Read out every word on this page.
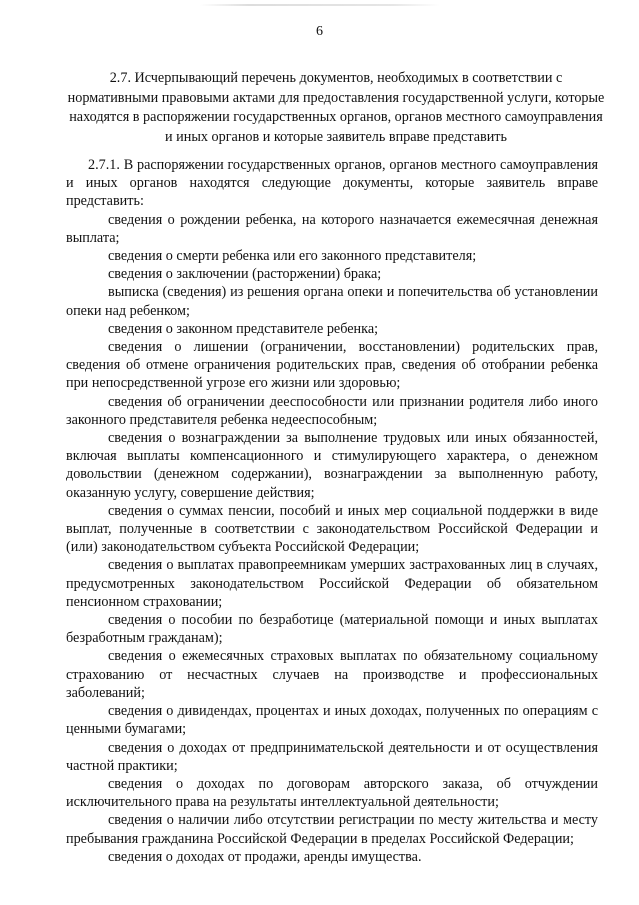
6
2.7. Исчерпывающий перечень документов, необходимых в соответствии с нормативными правовыми актами для предоставления государственной услуги, которые находятся в распоряжении государственных органов, органов местного самоуправления и иных органов и которые заявитель вправе представить

2.7.1. В распоряжении государственных органов, органов местного самоуправления и иных органов находятся следующие документы, которые заявитель вправе представить:

сведения о рождении ребенка, на которого назначается ежемесячная денежная выплата;

сведения о смерти ребенка или его законного представителя;

сведения о заключении (расторжении) брака;

выписка (сведения) из решения органа опеки и попечительства об установлении опеки над ребенком;

сведения о законном представителе ребенка;

сведения о лишении (ограничении, восстановлении) родительских прав, сведения об отмене ограничения родительских прав, сведения об отобрании ребенка при непосредственной угрозе его жизни или здоровью;

сведения об ограничении дееспособности или признании родителя либо иного законного представителя ребенка недееспособным;

сведения о вознаграждении за выполнение трудовых или иных обязанностей, включая выплаты компенсационного и стимулирующего характера, о денежном довольствии (денежном содержании), вознаграждении за выполненную работу, оказанную услугу, совершение действия;

сведения о суммах пенсии, пособий и иных мер социальной поддержки в виде выплат, полученные в соответствии с законодательством Российской Федерации и (или) законодательством субъекта Российской Федерации;

сведения о выплатах правопреемникам умерших застрахованных лиц в случаях, предусмотренных законодательством Российской Федерации об обязательном пенсионном страховании;

сведения о пособии по безработице (материальной помощи и иных выплатах безработным гражданам);

сведения о ежемесячных страховых выплатах по обязательному социальному страхованию от несчастных случаев на производстве и профессиональных заболеваний;

сведения о дивидендах, процентах и иных доходах, полученных по операциям с ценными бумагами;

сведения о доходах от предпринимательской деятельности и от осуществления частной практики;

сведения о доходах по договорам авторского заказа, об отчуждении исключительного права на результаты интеллектуальной деятельности;

сведения о наличии либо отсутствии регистрации по месту жительства и месту пребывания гражданина Российской Федерации в пределах Российской Федерации;

сведения о доходах от продажи, аренды имущества.
